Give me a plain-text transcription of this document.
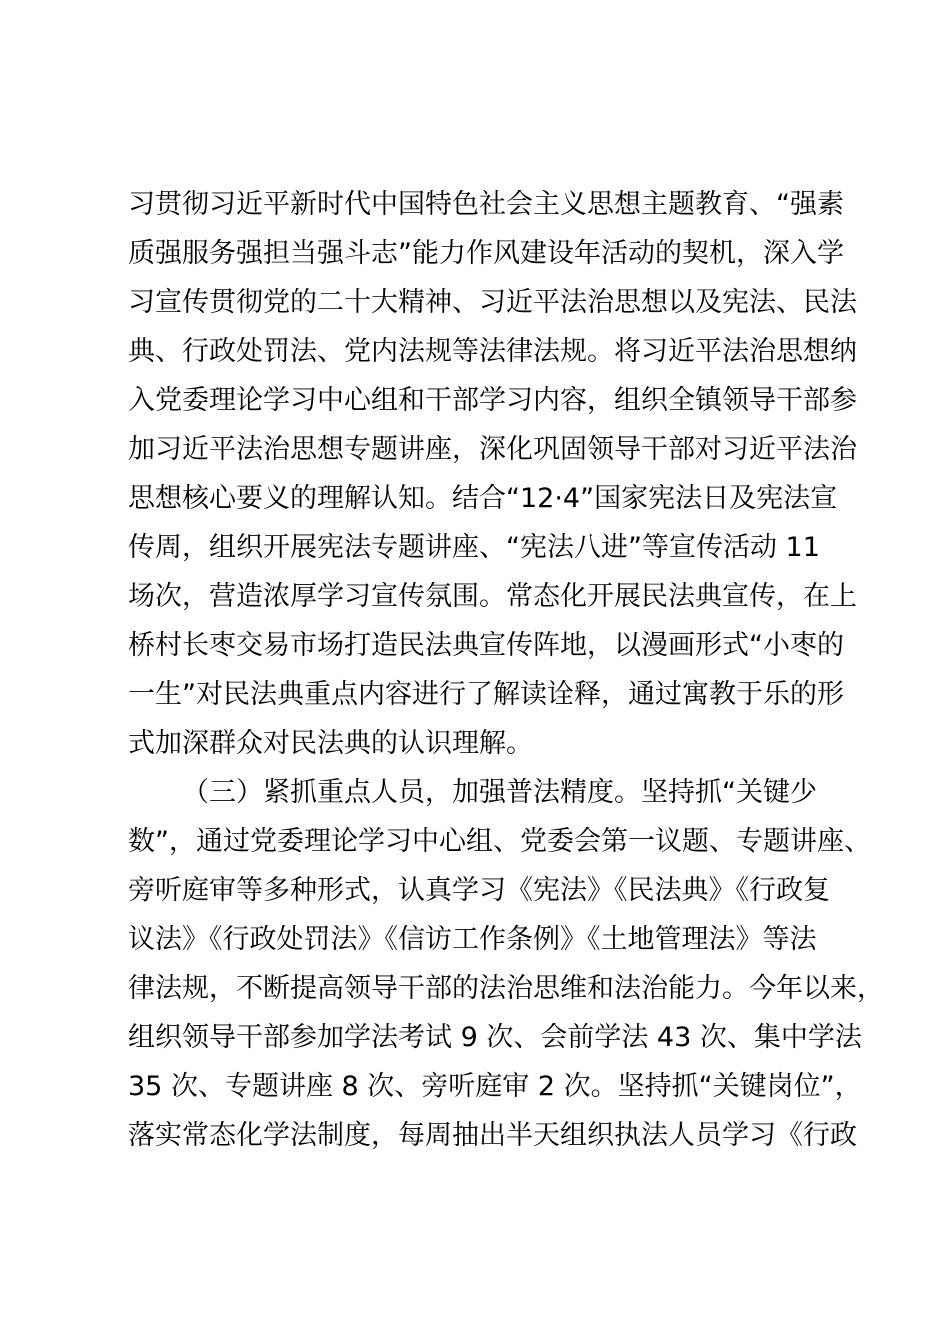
习贯彻习近平新时代中国特色社会主义思想主题教育、“强素
质强服务强担当强斗志”能力作风建设年活动的契机，深入学
习宣传贯彻党的二十大精神、习近平法治思想以及宪法、民法
典、行政处罚法、党内法规等法律法规。将习近平法治思想纳
入党委理论学习中心组和干部学习内容，组织全镇领导干部参
加习近平法治思想专题讲座，深化巩固领导干部对习近平法治
思想核心要义的理解认知。结合“12·4”国家宪法日及宪法宣
传周，组织开展宪法专题讲座、“宪法八进”等宣传活动 11
场次，营造浓厚学习宣传氛围。常态化开展民法典宣传，在上
桥村长枣交易市场打造民法典宣传阵地，以漫画形式“小枣的
一生”对民法典重点内容进行了解读诠释，通过寓教于乐的形
式加深群众对民法典的认识理解。
（三）紧抓重点人员，加强普法精度。坚持抓“关键少
数”，通过党委理论学习中心组、党委会第一议题、专题讲座、
旁听庭审等多种形式，认真学习《宪法》《民法典》《行政复
议法》《行政处罚法》《信访工作条例》《土地管理法》等法
律法规，不断提高领导干部的法治思维和法治能力。今年以来，
组织领导干部参加学法考试 9 次、会前学法 43 次、集中学法
35 次、专题讲座 8 次、旁听庭审 2 次。坚持抓“关键岗位”，
落实常态化学法制度，每周抽出半天组织执法人员学习《行政
